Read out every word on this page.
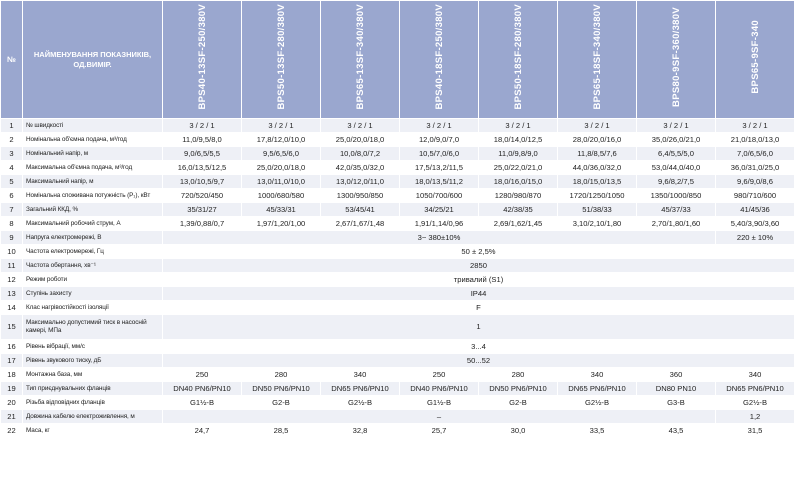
№	НАЙМЕНУВАННЯ ПОКАЗНИКІВ, ОД.ВИМІР.	BPS40-13SF-250/380V	BPS50-13SF-280/380V	BPS65-13SF-340/380V	BPS40-18SF-250/380V	BPS50-18SF-280/380V	BPS65-18SF-340/380V	BPS80-9SF-360/380V	BPS65-9SF-340
1	№ швидкості	3 / 2 / 1	3 / 2 / 1	3 / 2 / 1	3 / 2 / 1	3 / 2 / 1	3 / 2 / 1	3 / 2 / 1	3 / 2 / 1
2	Номінальна об'ємна подача, м³/год	11,0/9,5/8,0	17,8/12,0/10,0	25,0/20,0/18,0	12,0/9,0/7,0	18,0/14,0/12,5	28,0/20,0/16,0	35,0/26,0/21,0	21,0/18,0/13,0
3	Номінальний напір, м	9,0/6,5/5,5	9,5/6,5/6,0	10,0/8,0/7,2	10,5/7,0/6,0	11,0/9,8/9,0	11,8/8,5/7,6	6,4/5,5/5,0	7,0/6,5/6,0
4	Максимальна об'ємна подача, м³/год	16,0/13,5/12,5	25,0/20,0/18,0	42,0/35,0/32,0	17,5/13,2/11,5	25,0/22,0/21,0	44,0/36,0/32,0	53,0/44,0/40,0	36,0/31,0/25,0
5	Максимальний напір, м	13,0/10,5/9,7	13,0/11,0/10,0	13,0/12,0/11,0	18,0/13,5/11,2	18,0/16,0/15,0	18,0/15,0/13,5	9,6/8,2/7,5	9,6/9,0/8,6
6	Номінальна споживана потужність (P₁), кВт	720/520/450	1000/680/580	1300/950/850	1050/700/600	1280/980/870	1720/1250/1050	1350/1000/850	980/710/600
7	Загальний ККД, %	35/31/27	45/33/31	53/45/41	34/25/21	42/38/35	51/38/33	45/37/33	41/45/36
8	Максимальний робочий струм, А	1,39/0,88/0,7	1,97/1,20/1,00	2,67/1,67/1,48	1,91/1,14/0,96	2,69/1,62/1,45	3,10/2,10/1,80	2,70/1,80/1,60	5,40/3,90/3,60
9	Напруга електромережі, В	3~ 380±10%							220 ± 10%
10	Частота електромережі, Гц	50 ± 2,5%							
11	Частота обертання, хв⁻¹	2850							
12	Режим роботи	тривалий (S1)							
13	Ступінь захисту	IP44							
14	Клас нагрівостійкості ізоляції	F							
15	Максимально допустимий тиск в насосній камері, МПа	1							
16	Рівень вібрації, мм/с	3...4							
17	Рівень звукового тиску, дБ	50...52							
18	Монтажна база, мм	250	280	340	250	280	340	360	340
19	Тип приєднувальних фланців	DN40 PN6/PN10	DN50 PN6/PN10	DN65 PN6/PN10	DN40 PN6/PN10	DN50 PN6/PN10	DN65 PN6/PN10	DN80 PN10	DN65 PN6/PN10
20	Різьба відповідних фланців	G1½-B	G2-B	G2½-B	G1½-B	G2-B	G2½-B	G3-B	G2½-B
21	Довжина кабелю електроживлення, м	–							1,2
22	Маса, кг	24,7	28,5	32,8	25,7	30,0	33,5	43,5	31,5
